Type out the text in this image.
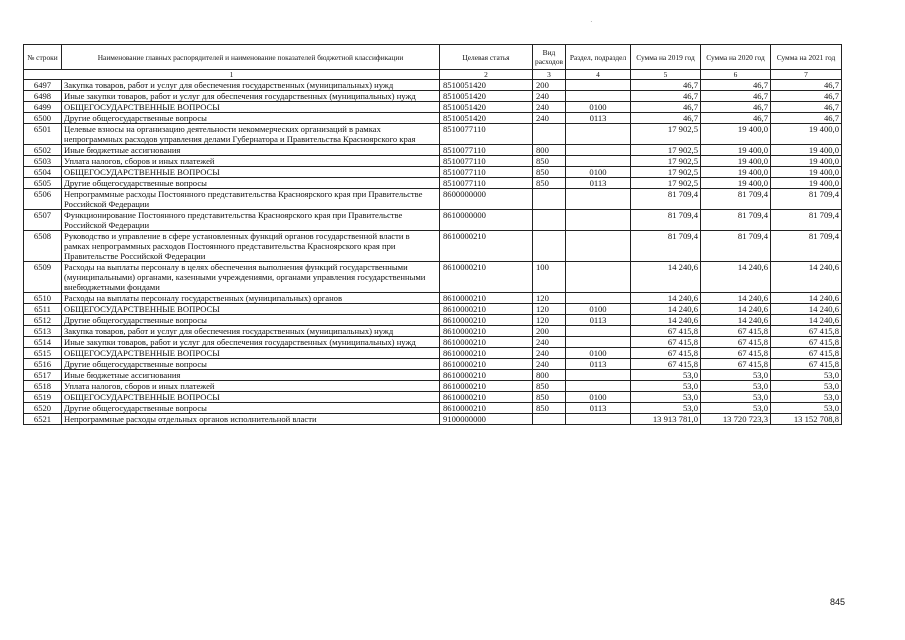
№ строки	Наименование главных распорядителей и наименование показателей бюджетной классификации	Целевая статья	Вид расходов	Раздел, подраздел	Сумма на 2019 год	Сумма на 2020 год	Сумма на 2021 год
1		2	3	4	5	6	7
6497	Закупка товаров, работ и услуг для обеспечения государственных (муниципальных) нужд	8510051420	200		46,7	46,7	46,7
6498	Иные закупки товаров, работ и услуг для обеспечения государственных (муниципальных) нужд	8510051420	240		46,7	46,7	46,7
6499	ОБЩЕГОСУДАРСТВЕННЫЕ ВОПРОСЫ	8510051420	240	0100	46,7	46,7	46,7
6500	Другие общегосударственные вопросы	8510051420	240	0113	46,7	46,7	46,7
6501	Целевые взносы на организацию деятельности некоммерческих организаций в рамках непрограммных расходов управления делами Губернатора и Правительства Красноярского края	8510077110			17 902,5	19 400,0	19 400,0
6502	Иные бюджетные ассигнования	8510077110	800		17 902,5	19 400,0	19 400,0
6503	Уплата налогов, сборов и иных платежей	8510077110	850		17 902,5	19 400,0	19 400,0
6504	ОБЩЕГОСУДАРСТВЕННЫЕ ВОПРОСЫ	8510077110	850	0100	17 902,5	19 400,0	19 400,0
6505	Другие общегосударственные вопросы	8510077110	850	0113	17 902,5	19 400,0	19 400,0
6506	Непрограммные расходы Постоянного представительства Красноярского края при Правительстве Российской Федерации	8600000000			81 709,4	81 709,4	81 709,4
6507	Функционирование Постоянного представительства Красноярского края при Правительстве Российской Федерации	8610000000			81 709,4	81 709,4	81 709,4
6508	Руководство и управление в сфере установленных функций органов государственной власти в рамках непрограммных расходов Постоянного представительства Красноярского края при Правительстве Российской Федерации	8610000210			81 709,4	81 709,4	81 709,4
6509	Расходы на выплаты персоналу в целях обеспечения выполнения функций государственными (муниципальными) органами, казенными учреждениями, органами управления государственными внебюджетными фондами	8610000210	100		14 240,6	14 240,6	14 240,6
6510	Расходы на выплаты персоналу государственных (муниципальных) органов	8610000210	120		14 240,6	14 240,6	14 240,6
6511	ОБЩЕГОСУДАРСТВЕННЫЕ ВОПРОСЫ	8610000210	120	0100	14 240,6	14 240,6	14 240,6
6512	Другие общегосударственные вопросы	8610000210	120	0113	14 240,6	14 240,6	14 240,6
6513	Закупка товаров, работ и услуг для обеспечения государственных (муниципальных) нужд	8610000210	200		67 415,8	67 415,8	67 415,8
6514	Иные закупки товаров, работ и услуг для обеспечения государственных (муниципальных) нужд	8610000210	240		67 415,8	67 415,8	67 415,8
6515	ОБЩЕГОСУДАРСТВЕННЫЕ ВОПРОСЫ	8610000210	240	0100	67 415,8	67 415,8	67 415,8
6516	Другие общегосударственные вопросы	8610000210	240	0113	67 415,8	67 415,8	67 415,8
6517	Иные бюджетные ассигнования	8610000210	800		53,0	53,0	53,0
6518	Уплата налогов, сборов и иных платежей	8610000210	850		53,0	53,0	53,0
6519	ОБЩЕГОСУДАРСТВЕННЫЕ ВОПРОСЫ	8610000210	850	0100	53,0	53,0	53,0
6520	Другие общегосударственные вопросы	8610000210	850	0113	53,0	53,0	53,0
6521	Непрограммные расходы отдельных органов исполнительной власти	9100000000			13 913 781,0	13 720 723,3	13 152 708,8
·
845
